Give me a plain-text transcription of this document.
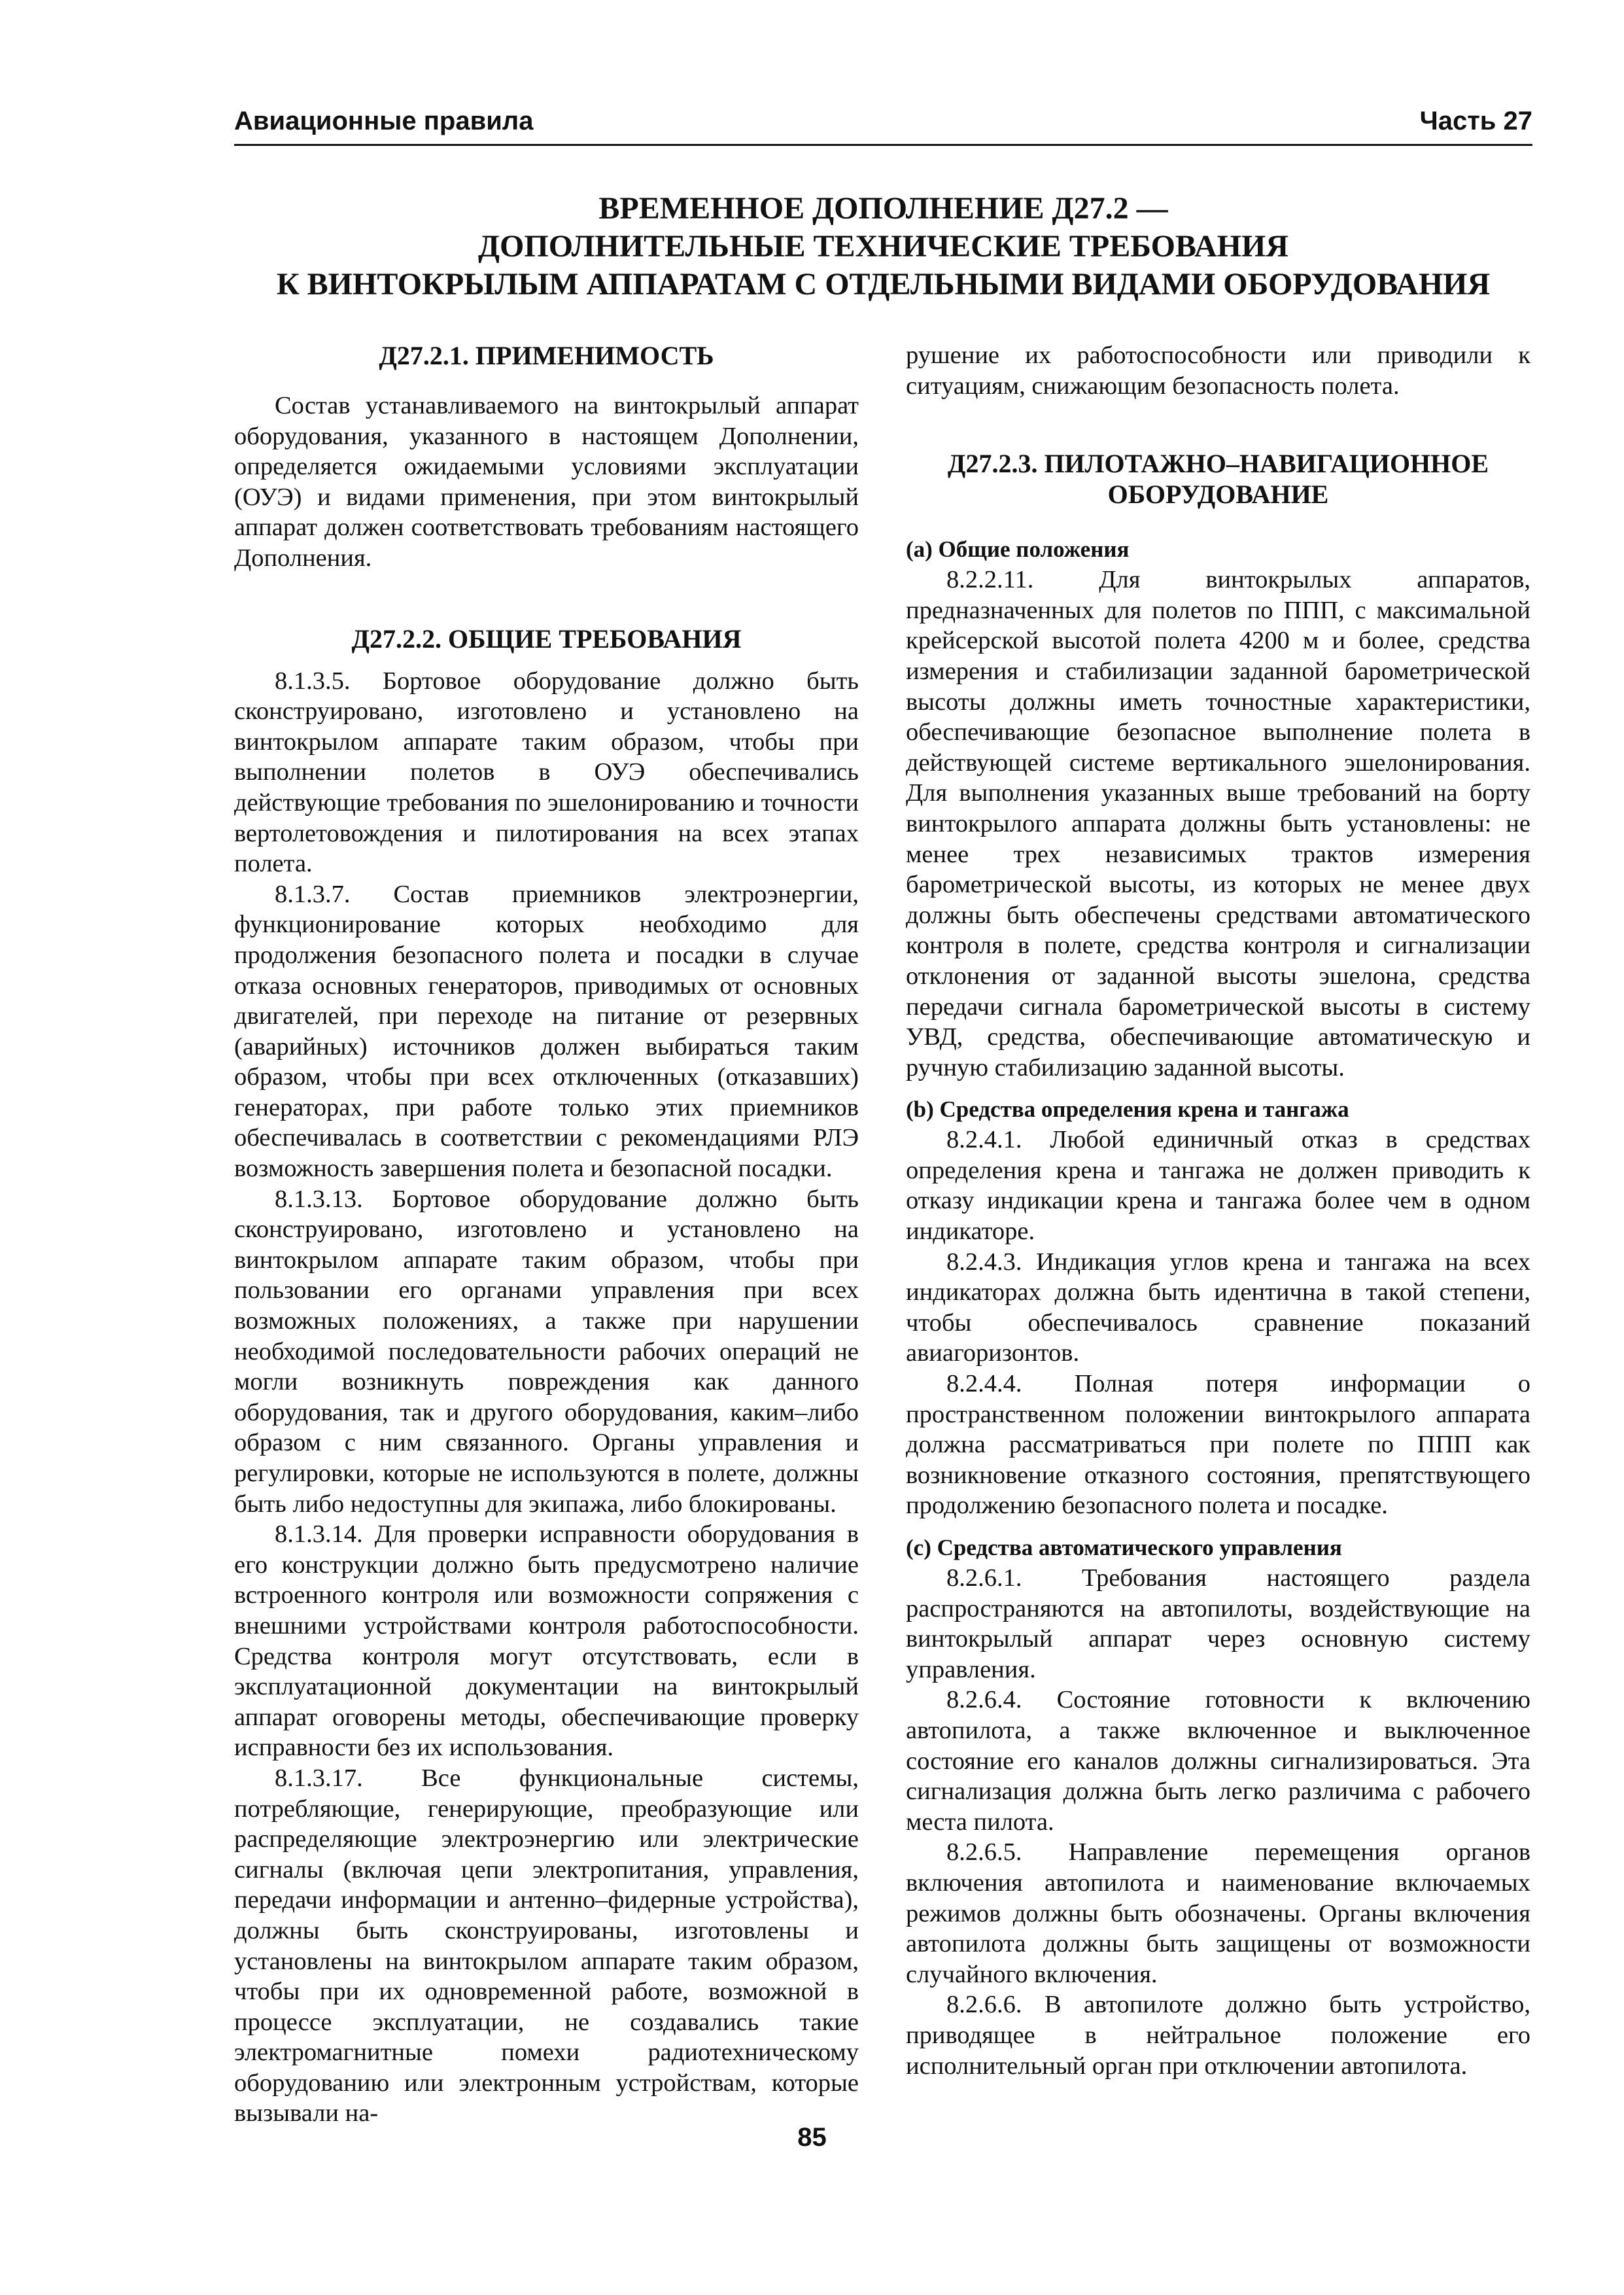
Авиационные правила	Часть 27
ВРЕМЕННОЕ ДОПОЛНЕНИЕ Д27.2 —
ДОПОЛНИТЕЛЬНЫЕ ТЕХНИЧЕСКИЕ ТРЕБОВАНИЯ
К ВИНТОКРЫЛЫМ АППАРАТАМ С ОТДЕЛЬНЫМИ ВИДАМИ ОБОРУДОВАНИЯ
Д27.2.1. ПРИМЕНИМОСТЬ

Состав устанавливаемого на винтокрылый аппарат оборудования, указанного в настоящем Дополнении, определяется ожидаемыми условиями эксплуатации (ОУЭ) и видами применения, при этом винтокрылый аппарат должен соответствовать требованиям настоящего Дополнения.

Д27.2.2. ОБЩИЕ ТРЕБОВАНИЯ

8.1.3.5. Бортовое оборудование должно быть сконструировано, изготовлено и установлено на винтокрылом аппарате таким образом, чтобы при выполнении полетов в ОУЭ обеспечивались действующие требования по эшелонированию и точности вертолетовождения и пилотирования на всех этапах полета.

8.1.3.7. Состав приемников электроэнергии, функционирование которых необходимо для продолжения безопасного полета и посадки в случае отказа основных генераторов, приводимых от основных двигателей, при переходе на питание от резервных (аварийных) источников должен выбираться таким образом, чтобы при всех отключенных (отказавших) генераторах, при работе только этих приемников обеспечивалась в соответствии с рекомендациями РЛЭ возможность завершения полета и безопасной посадки.

8.1.3.13. Бортовое оборудование должно быть сконструировано, изготовлено и установлено на винтокрылом аппарате таким образом, чтобы при пользовании его органами управления при всех возможных положениях, а также при нарушении необходимой последовательности рабочих операций не могли возникнуть повреждения как данного оборудования, так и другого оборудования, каким–либо образом с ним связанного. Органы управления и регулировки, которые не используются в полете, должны быть либо недоступны для экипажа, либо блокированы.

8.1.3.14. Для проверки исправности оборудования в его конструкции должно быть предусмотрено наличие встроенного контроля или возможности сопряжения с внешними устройствами контроля работоспособности. Средства контроля могут отсутствовать, если в эксплуатационной документации на винтокрылый аппарат оговорены методы, обеспечивающие проверку исправности без их использования.

8.1.3.17. Все функциональные системы, потребляющие, генерирующие, преобразующие или распределяющие электроэнергию или электрические сигналы (включая цепи электропитания, управления, передачи информации и антенно–фидерные устройства), должны быть сконструированы, изготовлены и установлены на винтокрылом аппарате таким образом, чтобы при их одновременной работе, возможной в процессе эксплуатации, не создавались такие электромагнитные помехи радиотехническому оборудованию или электронным устройствам, которые вызывали на-

рушение их работоспособности или приводили к ситуациям, снижающим безопасность полета.

Д27.2.3. ПИЛОТАЖНО–НАВИГАЦИОННОЕ
ОБОРУДОВАНИЕ
(a) Общие положения

8.2.2.11. Для винтокрылых аппаратов, предназначенных для полетов по ППП, с максимальной крейсерской высотой полета 4200 м и более, средства измерения и стабилизации заданной барометрической высоты должны иметь точностные характеристики, обеспечивающие безопасное выполнение полета в действующей системе вертикального эшелонирования. Для выполнения указанных выше требований на борту винтокрылого аппарата должны быть установлены: не менее трех независимых трактов измерения барометрической высоты, из которых не менее двух должны быть обеспечены средствами автоматического контроля в полете, средства контроля и сигнализации отклонения от заданной высоты эшелона, средства передачи сигнала барометрической высоты в систему УВД, средства, обеспечивающие автоматическую и ручную стабилизацию заданной высоты.

(b) Средства определения крена и тангажа

8.2.4.1. Любой единичный отказ в средствах определения крена и тангажа не должен приводить к отказу индикации крена и тангажа более чем в одном индикаторе.

8.2.4.3. Индикация углов крена и тангажа на всех индикаторах должна быть идентична в такой степени, чтобы обеспечивалось сравнение показаний авиагоризонтов.

8.2.4.4. Полная потеря информации о пространственном положении винтокрылого аппарата должна рассматриваться при полете по ППП как возникновение отказного состояния, препятствующего продолжению безопасного полета и посадке.

(c) Средства автоматического управления

8.2.6.1. Требования настоящего раздела распространяются на автопилоты, воздействующие на винтокрылый аппарат через основную систему управления.

8.2.6.4. Состояние готовности к включению автопилота, а также включенное и выключенное состояние его каналов должны сигнализироваться. Эта сигнализация должна быть легко различима с рабочего места пилота.

8.2.6.5. Направление перемещения органов включения автопилота и наименование включаемых режимов должны быть обозначены. Органы включения автопилота должны быть защищены от возможности случайного включения.

8.2.6.6. В автопилоте должно быть устройство, приводящее в нейтральное положение его исполнительный орган при отключении автопилота.

85
